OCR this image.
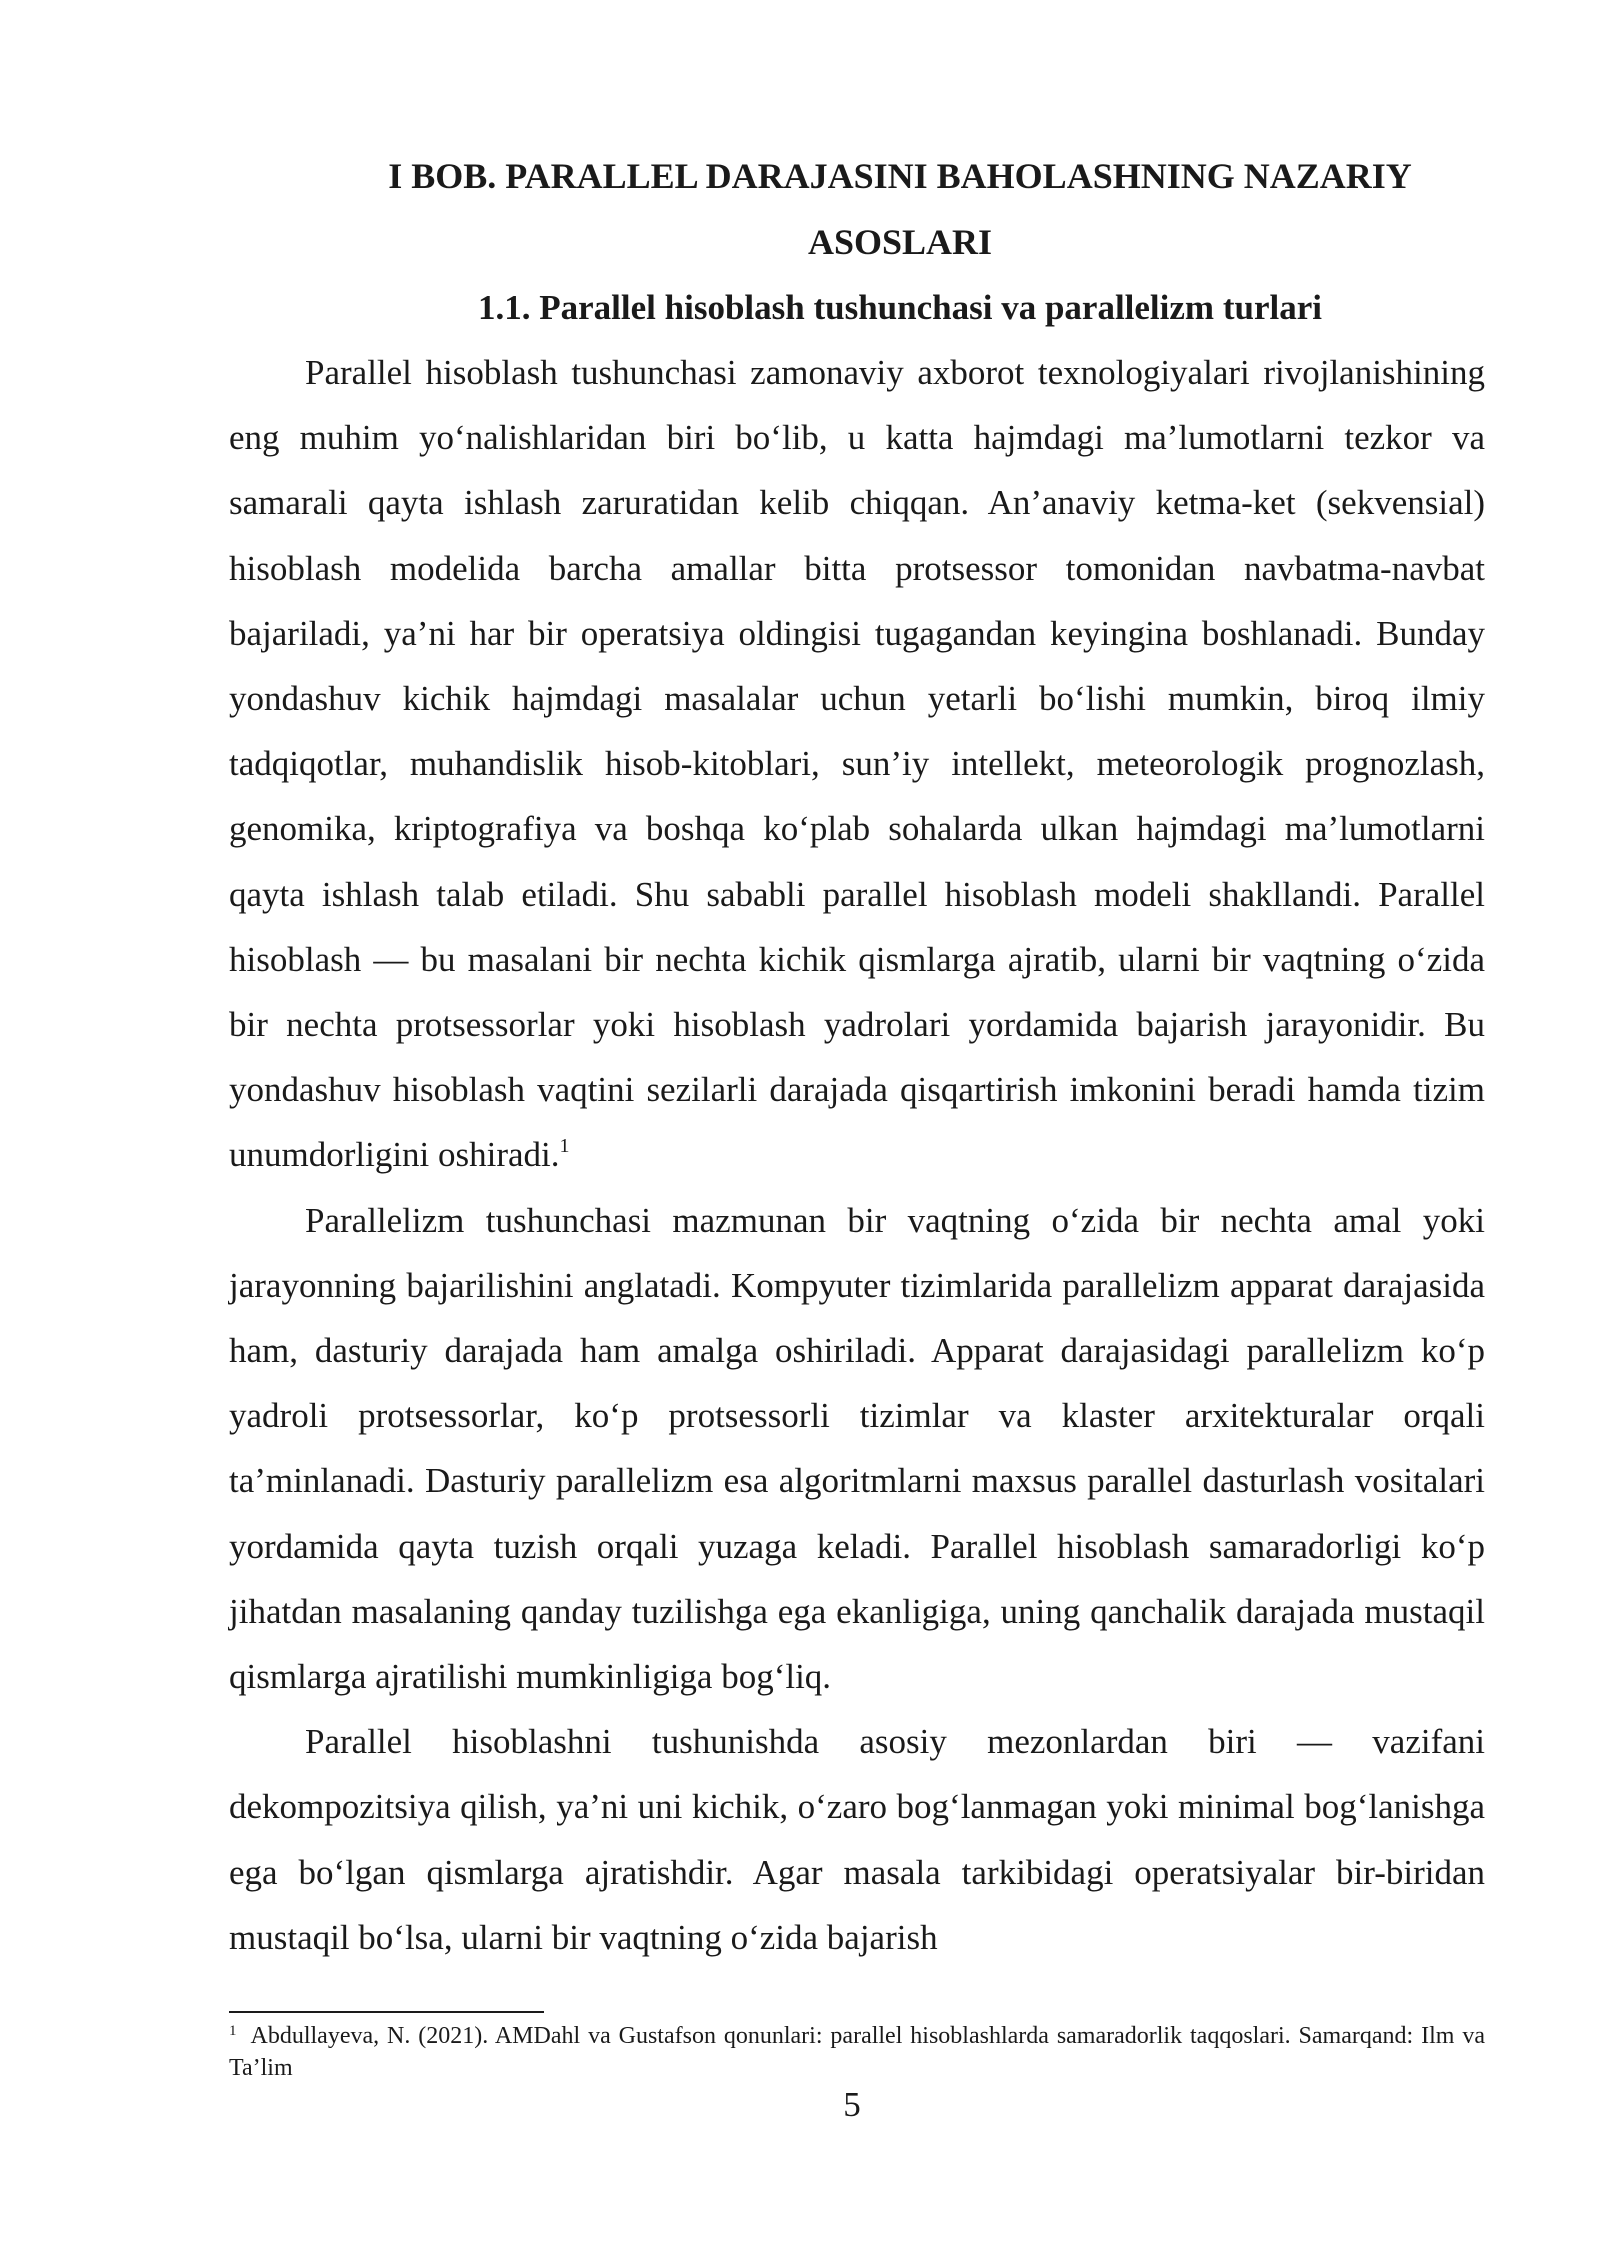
I BOB. PARALLEL DARAJASINI BAHOLASHNING NAZARIY ASOSLARI
1.1. Parallel hisoblash tushunchasi va parallelizm turlari

Parallel hisoblash tushunchasi zamonaviy axborot texnologiyalari rivojlanishining eng muhim yo‘nalishlaridan biri bo‘lib, u katta hajmdagi ma’lumotlarni tezkor va samarali qayta ishlash zaruratidan kelib chiqqan. An’anaviy ketma-ket (sekvensial) hisoblash modelida barcha amallar bitta protsessor tomonidan navbatma-navbat bajariladi, ya’ni har bir operatsiya oldingisi tugagandan keyingina boshlanadi. Bunday yondashuv kichik hajmdagi masalalar uchun yetarli bo‘lishi mumkin, biroq ilmiy tadqiqotlar, muhandislik hisob-kitoblari, sun’iy intellekt, meteorologik prognozlash, genomika, kriptografiya va boshqa ko‘plab sohalarda ulkan hajmdagi ma’lumotlarni qayta ishlash talab etiladi. Shu sababli parallel hisoblash modeli shakllandi. Parallel hisoblash — bu masalani bir nechta kichik qismlarga ajratib, ularni bir vaqtning o‘zida bir nechta protsessorlar yoki hisoblash yadrolari yordamida bajarish jarayonidir. Bu yondashuv hisoblash vaqtini sezilarli darajada qisqartirish imkonini beradi hamda tizim unumdorligini oshiradi.$^1$

Parallelizm tushunchasi mazmunan bir vaqtning o‘zida bir nechta amal yoki jarayonning bajarilishini anglatadi. Kompyuter tizimlarida parallelizm apparat darajasida ham, dasturiy darajada ham amalga oshiriladi. Apparat darajasidagi parallelizm ko‘p yadroli protsessorlar, ko‘p protsessorli tizimlar va klaster arxitekturalar orqali ta’minlanadi. Dasturiy parallelizm esa algoritmlarni maxsus parallel dasturlash vositalari yordamida qayta tuzish orqali yuzaga keladi. Parallel hisoblash samaradorligi ko‘p jihatdan masalaning qanday tuzilishga ega ekanligiga, uning qanchalik darajada mustaqil qismlarga ajratilishi mumkinligiga bog‘liq.

Parallel hisoblashni tushunishda asosiy mezonlardan biri — vazifani dekompozitsiya qilish, ya’ni uni kichik, o‘zaro bog‘lanmagan yoki minimal bog‘lanishga ega bo‘lgan qismlarga ajratishdir. Agar masala tarkibidagi operatsiyalar bir-biridan mustaqil bo‘lsa, ularni bir vaqtning o‘zida bajarish

$^1$ Abdullayeva, N. (2021). AMDahl va Gustafson qonunlari: parallel hisoblashlarda samaradorlik taqqoslari. Samarqand: Ilm va Ta’lim
5
